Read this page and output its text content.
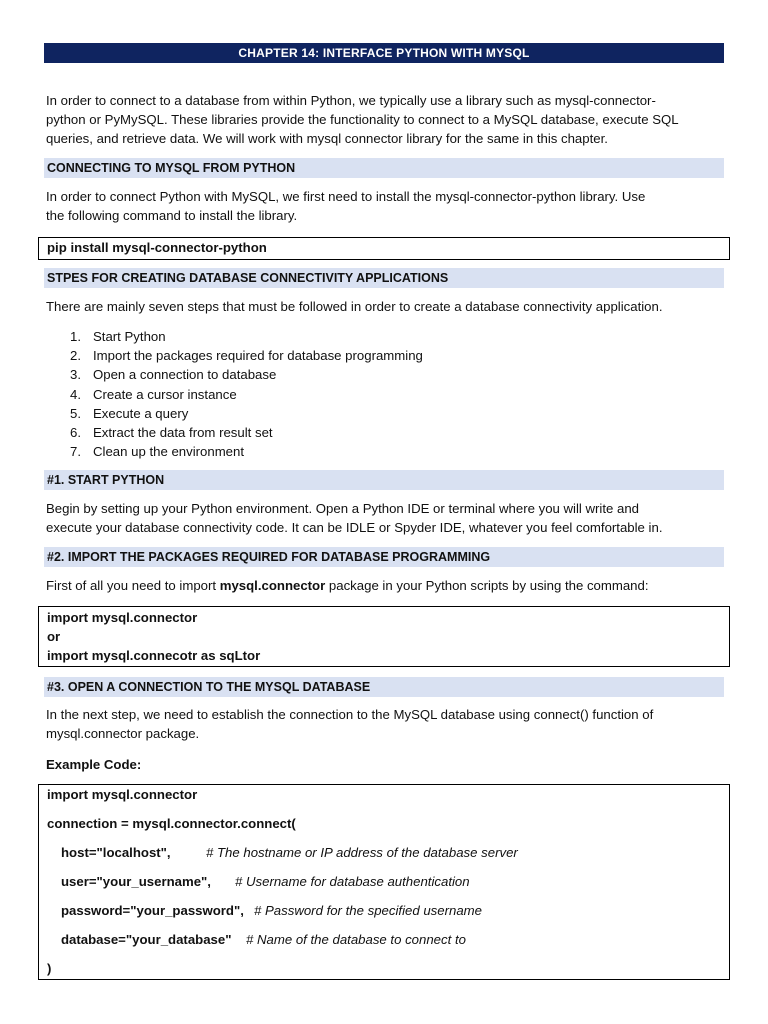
CHAPTER 14: INTERFACE PYTHON WITH MYSQL
In order to connect to a database from within Python, we typically use a library such as mysql-connector-
python or PyMySQL. These libraries provide the functionality to connect to a MySQL database, execute SQL
queries, and retrieve data. We will work with mysql connector library for the same in this chapter.
CONNECTING TO MYSQL FROM PYTHON
In order to connect Python with MySQL, we first need to install the mysql-connector-python library. Use
the following command to install the library.
pip install mysql-connector-python
STPES FOR CREATING DATABASE CONNECTIVITY APPLICATIONS
There are mainly seven steps that must be followed in order to create a database connectivity application.
1. Start Python
2. Import the packages required for database programming
3. Open a connection to database
4. Create a cursor instance
5. Execute a query
6. Extract the data from result set
7. Clean up the environment
#1. START PYTHON
Begin by setting up your Python environment. Open a Python IDE or terminal where you will write and
execute your database connectivity code. It can be IDLE or Spyder IDE, whatever you feel comfortable in.
#2. IMPORT THE PACKAGES REQUIRED FOR DATABASE PROGRAMMING
First of all you need to import mysql.connector package in your Python scripts by using the command:
import mysql.connector
or
import mysql.connecotr as sqLtor
#3. OPEN A CONNECTION TO THE MYSQL DATABASE
In the next step, we need to establish the connection to the MySQL database using connect() function of
mysql.connector package.
Example Code:
import mysql.connector
connection = mysql.connector.connect(
host="localhost",	# The hostname or IP address of the database server
user="your_username", # Username for database authentication
password="your_password", # Password for the specified username
database="your_database" # Name of the database to connect to
)
